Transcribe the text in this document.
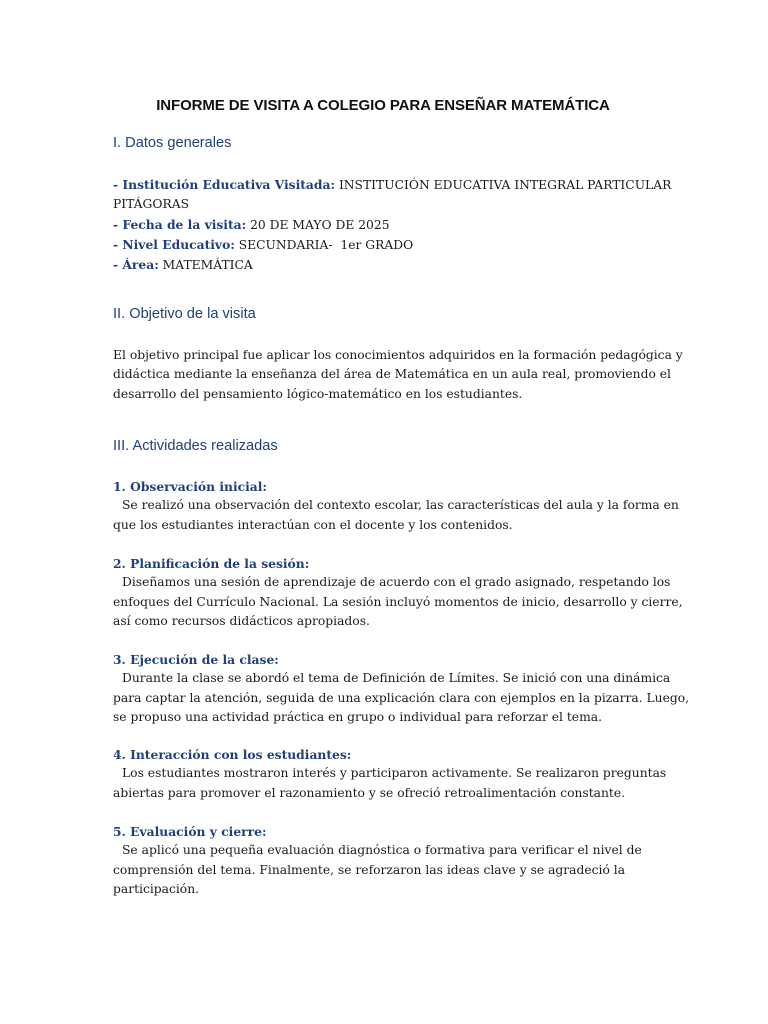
INFORME DE VISITA A COLEGIO PARA ENSEÑAR MATEMÁTICA
I. Datos generales
- Institución Educativa Visitada: INSTITUCIÓN EDUCATIVA INTEGRAL PARTICULAR
PITÁGORAS
- Fecha de la visita: 20 DE MAYO DE 2025
- Nivel Educativo: SECUNDARIA-  1er GRADO
- Área: MATEMÁTICA
II. Objetivo de la visita
El objetivo principal fue aplicar los conocimientos adquiridos en la formación pedagógica y
didáctica mediante la enseñanza del área de Matemática en un aula real, promoviendo el
desarrollo del pensamiento lógico-matemático en los estudiantes.
III. Actividades realizadas
1. Observación inicial:
Se realizó una observación del contexto escolar, las características del aula y la forma en
que los estudiantes interactúan con el docente y los contenidos.
2. Planificación de la sesión:
Diseñamos una sesión de aprendizaje de acuerdo con el grado asignado, respetando los
enfoques del Currículo Nacional. La sesión incluyó momentos de inicio, desarrollo y cierre,
así como recursos didácticos apropiados.
3. Ejecución de la clase:
Durante la clase se abordó el tema de Definición de Límites. Se inició con una dinámica
para captar la atención, seguida de una explicación clara con ejemplos en la pizarra. Luego,
se propuso una actividad práctica en grupo o individual para reforzar el tema.
4. Interacción con los estudiantes:
Los estudiantes mostraron interés y participaron activamente. Se realizaron preguntas
abiertas para promover el razonamiento y se ofreció retroalimentación constante.
5. Evaluación y cierre:
Se aplicó una pequeña evaluación diagnóstica o formativa para verificar el nivel de
comprensión del tema. Finalmente, se reforzaron las ideas clave y se agradeció la
participación.
